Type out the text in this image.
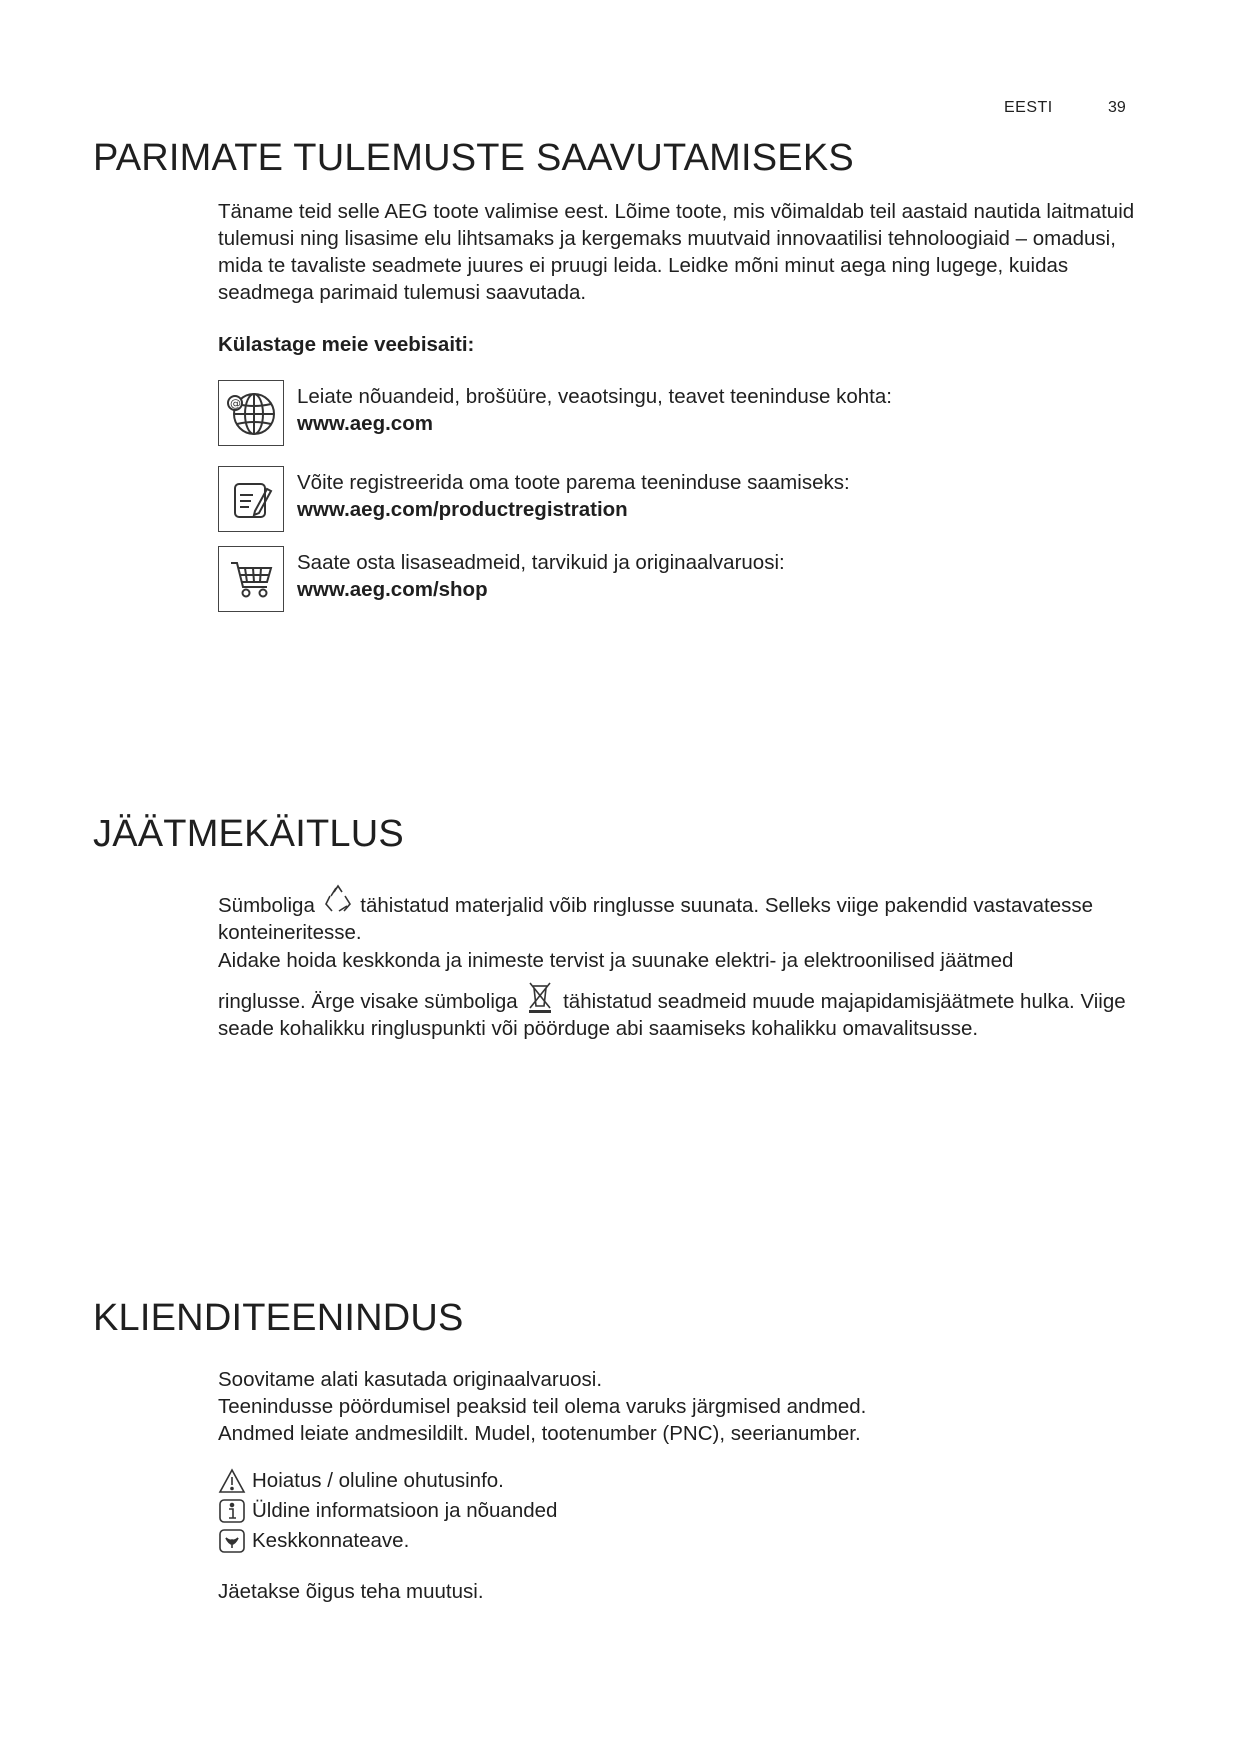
EESTI	39
PARIMATE TULEMUSTE SAAVUTAMISEKS

Täname teid selle AEG toote valimise eest. Lõime toote, mis võimaldab teil aastaid nautida laitmatuid tulemusi ning lisasime elu lihtsamaks ja kergemaks muutvaid innovaatilisi tehnoloogiaid – omadusi, mida te tavaliste seadmete juures ei pruugi leida. Leidke mõni minut aega ning lugege, kuidas seadmega parimaid tulemusi saavutada.

Külastage meie veebisaiti:
@	Leiate nõuandeid, brošüüre, veaotsingu, teavet teeninduse kohta:
www.aeg.com
Võite registreerida oma toote parema teeninduse saamiseks:
www.aeg.com/productregistration
Saate osta lisaseadmeid, tarvikuid ja originaalvaruosi:
www.aeg.com/shop
JÄÄTMEKÄITLUS

Sümboliga tähistatud materjalid võib ringlusse suunata. Selleks viige pakendid vastavatesse konteineritesse.

Aidake hoida keskkonda ja inimeste tervist ja suunake elektri- ja elektroonilised jäätmed

ringlusse. Ärge visake sümboliga tähistatud seadmeid muude majapidamisjäätmete hulka. Viige seade kohalikku ringluspunkti või pöörduge abi saamiseks kohalikku omavalitsusse.

KLIENDITEENINDUS

Soovitame alati kasutada originaalvaruosi.

Teenindusse pöördumisel peaksid teil olema varuks järgmised andmed.

Andmed leiate andmesildilt. Mudel, tootenumber (PNC), seerianumber.

Hoiatus / oluline ohutusinfo.
Üldine informatsioon ja nõuanded
Keskkonnateave.
Jäetakse õigus teha muutusi.
